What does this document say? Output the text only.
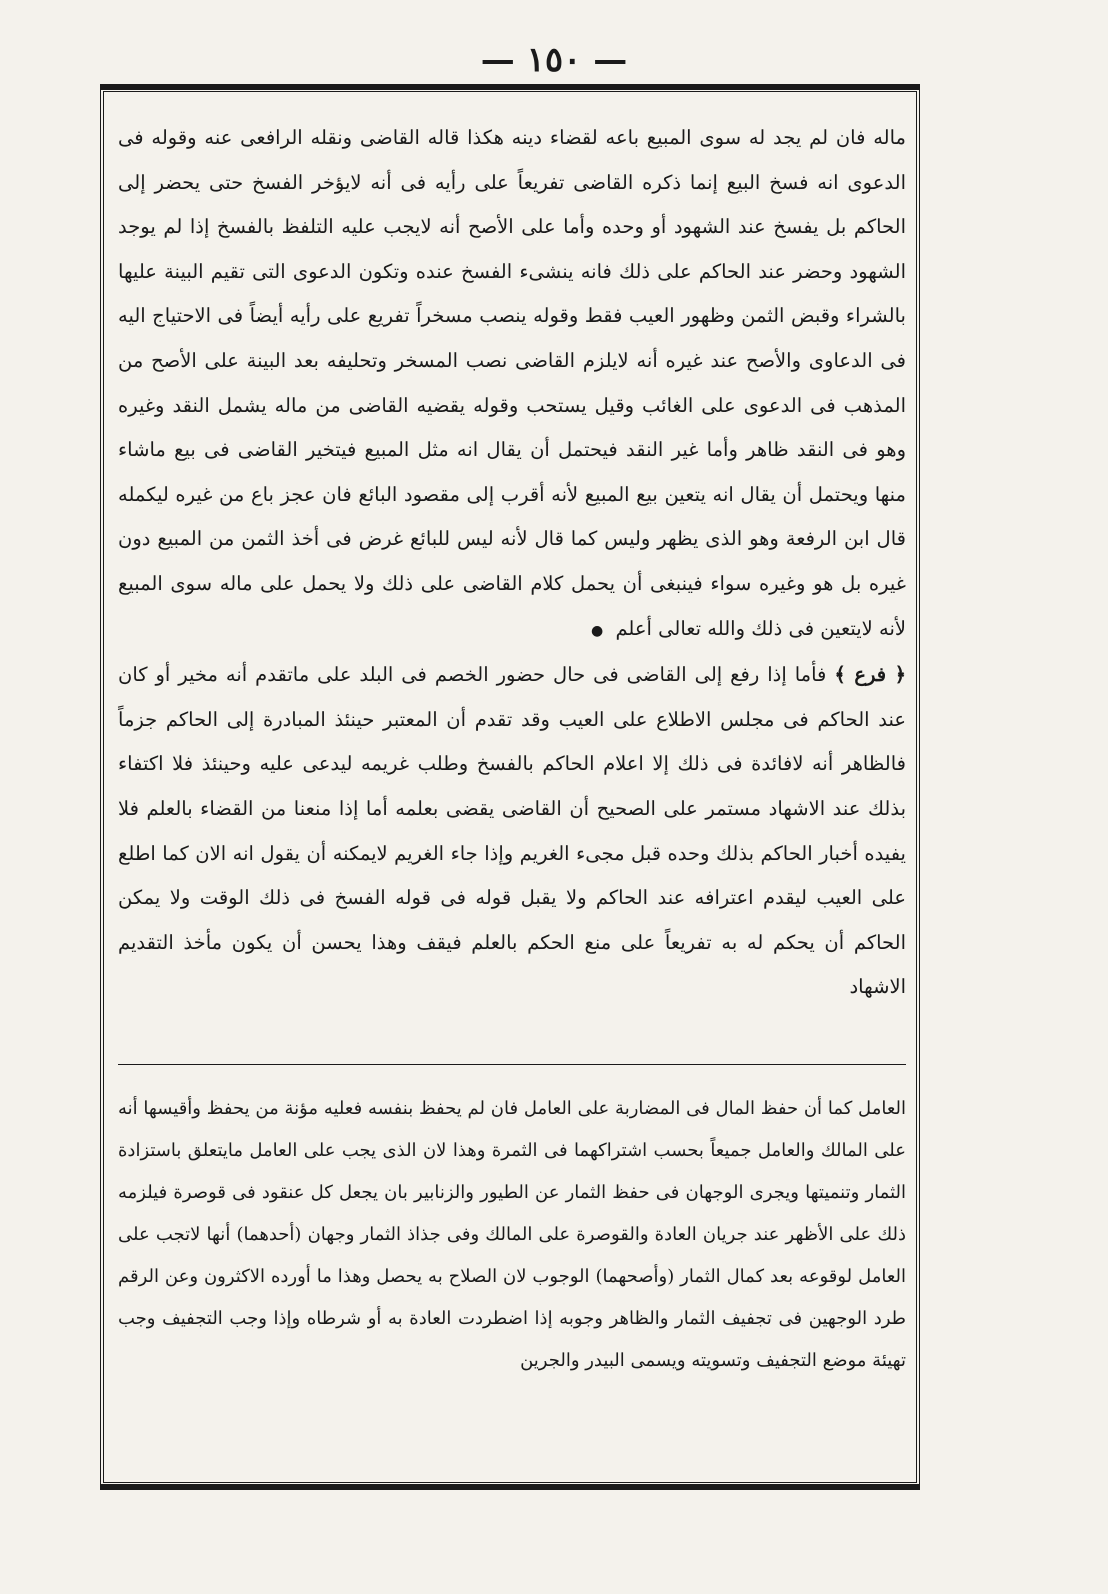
— ١٥٠ —

ماله فان لم يجد له سوى المبيع باعه لقضاء دينه هكذا قاله القاضى ونقله الرافعى عنه وقوله فى الدعوى انه فسخ البيع إنما ذكره القاضى تفريعاً على رأيه فى أنه لايؤخر الفسخ حتى يحضر إلى الحاكم بل يفسخ عند الشهود أو وحده وأما على الأصح أنه لايجب عليه التلفظ بالفسخ إذا لم يوجد الشهود وحضر عند الحاكم على ذلك فانه ينشىء الفسخ عنده وتكون الدعوى التى تقيم البينة عليها بالشراء وقبض الثمن وظهور العيب فقط وقوله ينصب مسخراً تفريع على رأيه أيضاً فى الاحتياج اليه فى الدعاوى والأصح عند غيره أنه لايلزم القاضى نصب المسخر وتحليفه بعد البينة على الأصح من المذهب فى الدعوى على الغائب وقيل يستحب وقوله يقضيه القاضى من ماله يشمل النقد وغيره وهو فى النقد ظاهر وأما غير النقد فيحتمل أن يقال انه مثل المبيع فيتخير القاضى فى بيع ماشاء منها ويحتمل أن يقال انه يتعين بيع المبيع لأنه أقرب إلى مقصود البائع فان عجز باع من غيره ليكمله قال ابن الرفعة وهو الذى يظهر وليس كما قال لأنه ليس للبائع غرض فى أخذ الثمن من المبيع دون غيره بل هو وغيره سواء فينبغى أن يحمل كلام القاضى على ذلك ولا يحمل على ماله سوى المبيع لأنه لايتعين فى ذلك والله تعالى أعلم ●

﴿ فرع ﴾ فأما إذا رفع إلى القاضى فى حال حضور الخصم فى البلد على ماتقدم أنه مخير أو كان عند الحاكم فى مجلس الاطلاع على العيب وقد تقدم أن المعتبر حينئذ المبادرة إلى الحاكم جزماً فالظاهر أنه لافائدة فى ذلك إلا اعلام الحاكم بالفسخ وطلب غريمه ليدعى عليه وحينئذ فلا اكتفاء بذلك عند الاشهاد مستمر على الصحيح أن القاضى يقضى بعلمه أما إذا منعنا من القضاء بالعلم فلا يفيده أخبار الحاكم بذلك وحده قبل مجىء الغريم وإذا جاء الغريم لايمكنه أن يقول انه الان كما اطلع على العيب ليقدم اعترافه عند الحاكم ولا يقبل قوله فى قوله الفسخ فى ذلك الوقت ولا يمكن الحاكم أن يحكم له به تفريعاً على منع الحكم بالعلم فيقف وهذا يحسن أن يكون مأخذ التقديم الاشهاد

العامل كما أن حفظ المال فى المضاربة على العامل فان لم يحفظ بنفسه فعليه مؤنة من يحفظ وأقيسها أنه على المالك والعامل جميعاً بحسب اشتراكهما فى الثمرة وهذا لان الذى يجب على العامل مايتعلق باستزادة الثمار وتنميتها ويجرى الوجهان فى حفظ الثمار عن الطيور والزنابير بان يجعل كل عنقود فى قوصرة فيلزمه ذلك على الأظهر عند جريان العادة والقوصرة على المالك وفى جذاذ الثمار وجهان (أحدهما) أنها لاتجب على العامل لوقوعه بعد كمال الثمار (وأصحهما) الوجوب لان الصلاح به يحصل وهذا ما أورده الاكثرون وعن الرقم طرد الوجهين فى تجفيف الثمار والظاهر وجوبه إذا اضطردت العادة به أو شرطاه وإذا وجب التجفيف وجب تهيئة موضع التجفيف وتسويته ويسمى البيدر والجرين
